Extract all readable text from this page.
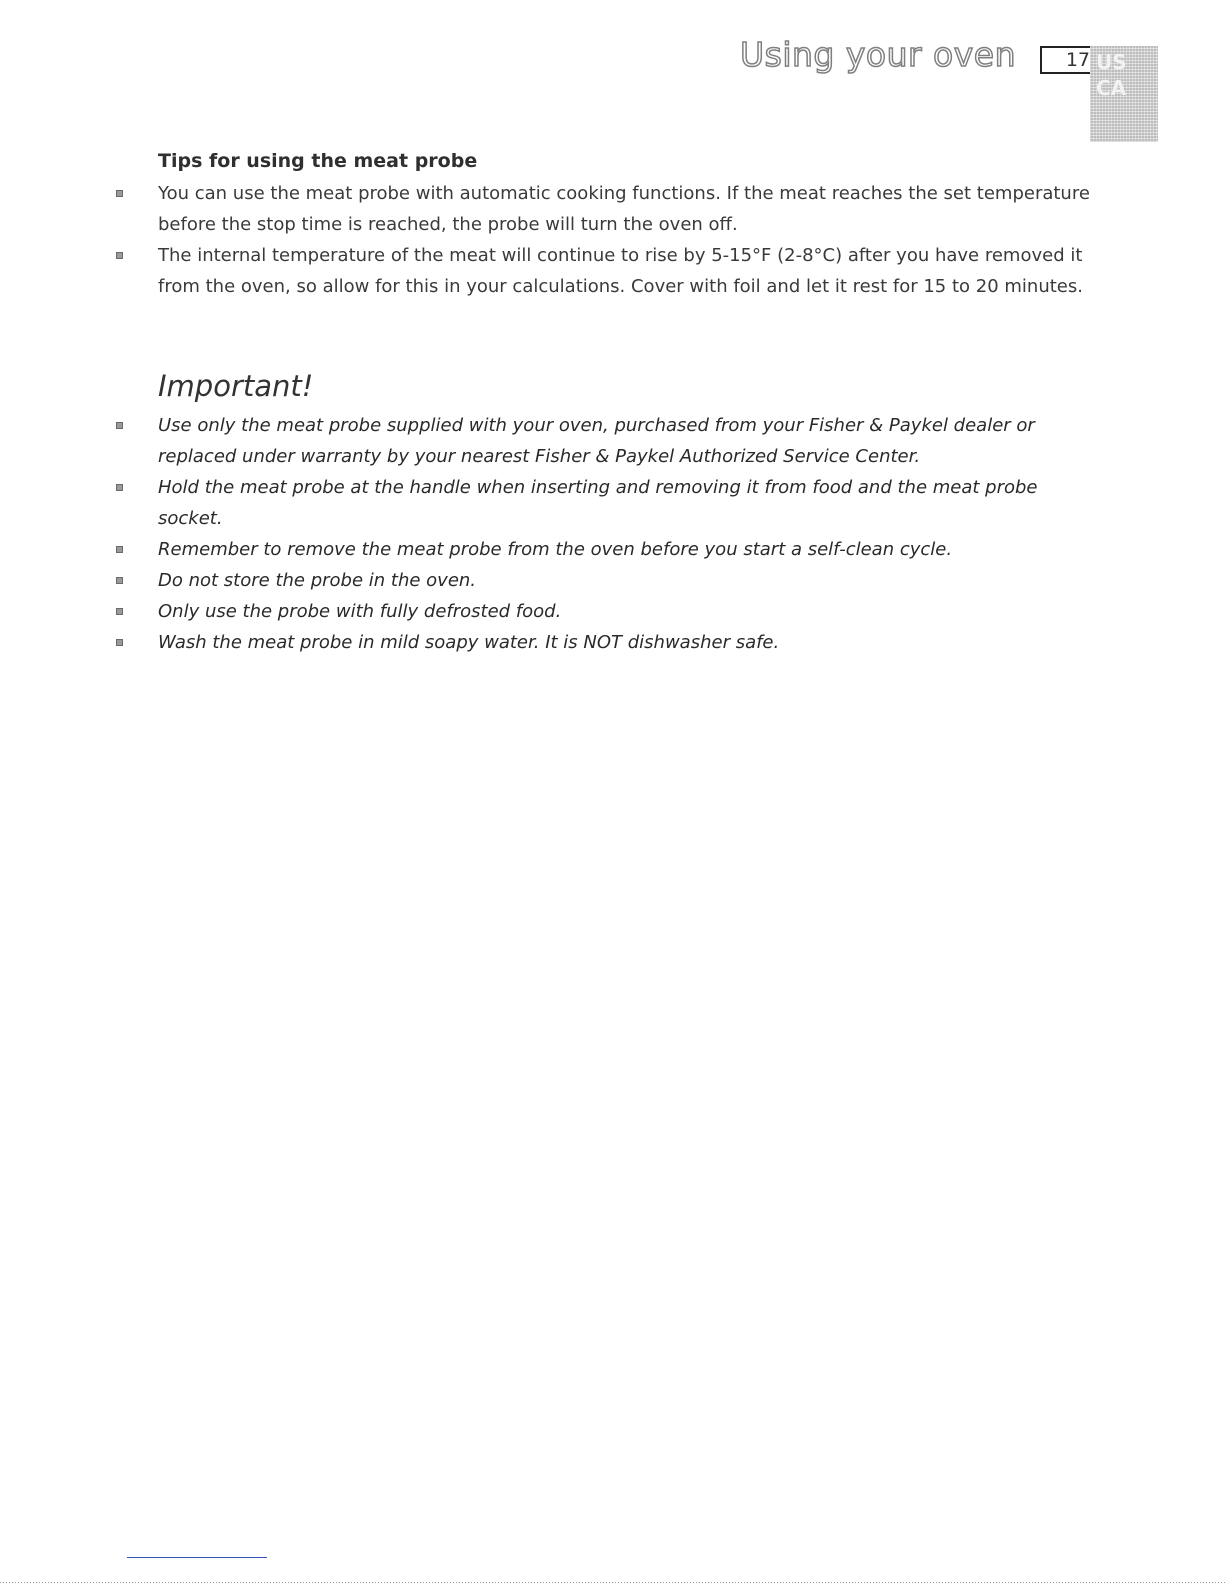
Using your oven	17 US
CA
Tips for using the meat probe
You can use the meat probe with automatic cooking functions. If the meat reaches the set temperature before the stop time is reached, the probe will turn the oven off.
The internal temperature of the meat will continue to rise by 5-15°F (2-8°C) after you have removed it from the oven, so allow for this in your calculations. Cover with foil and let it rest for 15 to 20 minutes.
Important!
Use only the meat probe supplied with your oven, purchased from your Fisher & Paykel dealer or replaced under warranty by your nearest Fisher & Paykel Authorized Service Center.
Hold the meat probe at the handle when inserting and removing it from food and the meat probe socket.
Remember to remove the meat probe from the oven before you start a self-clean cycle.
Do not store the probe in the oven.
Only use the probe with fully defrosted food.
Wash the meat probe in mild soapy water. It is NOT dishwasher safe.
